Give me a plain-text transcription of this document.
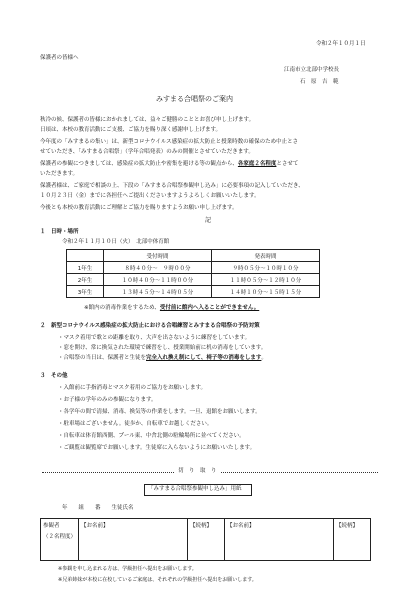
令和２年１０月１日
保護者の皆様へ
江南市立北部中学校長
石　原　吉　範
みすまる合唱祭のご案内
秋冷の候、保護者の皆様におかれましては、益々ご健勝のこととお喜び申し上げます。
日頃は、本校の教育活動にご支援、ご協力を賜り深く感謝申し上げます。
今年度の「みすまるの集い」は、新型コロナウイルス感染症の拡大防止と授業時数の確保のため中止とさ
せていただき、「みすまる合唱祭」（学年合唱発表）のみの開催とさせていただきます。
保護者の参観につきましては、感染症の拡大防止や密集を避ける等の観点から、各家庭２名程度とさせて
いただきます。
保護者様は、ご家庭で相談の上、下段の「みすまる合唱祭参観申し込み」に必要事項の記入していただき、
１０月２３日（金）までに各担任へご提出くださいますようよろしくお願いいたします。
今後とも本校の教育活動にご理解とご協力を賜りますようお願い申し上げます。
記
１　日時・場所
令和２年１１月１０日（火）　北部中体育館
	受付時間	発表時間
1年生	８時４０分～　９時００分	９時０５分～１０時１０分
2年生	１０時４０分～１１時００分	１１時０５分～１２時１０分
3年生	１３時４５分～１４時０５分	１４時１０分～１５時１５分
※館内の消毒作業をするため、受付前に館内へ入ることができません。
２　新型コロナウイルス感染症の拡大防止における合唱練習とみすまる合唱祭の予防対策
・マスク着用で歌との距離を取り、大声を出さないように練習をしています。
・窓を開け、常に換気された環境で練習をし、授業開始前に机の消毒をしています。
・合唱祭の当日は、保護者と生徒を完全入れ換え制にして、椅子等の消毒をします。
３　その他
・入館前に手指消毒とマスク着用のご協力をお願いします。
・お子様の学年のみの参観になります。
・各学年の間で清掃、消毒、換気等の作業をします。一旦、退館をお願いします。
・駐車場はございません。徒歩か、自転車でお越しください。
・自転車は体育館西側、プール東、中舎北側の駐輪場所に並べてください。
・ご観覧は観覧席でお願いします。生徒席に入らないようにお願いいたします。
切　り　取　り
「みすまる合唱祭参観申し込み」用紙
年　　組　　番　　生徒氏名
参観者
（２名程度）
	【お名前】	【続柄】	【お名前】	【続柄】
※参観を申し込まれる方は、学級担任へ提出をお願いします。
※兄弟姉妹が本校に在校しているご家庭は、それぞれの学級担任へ提出をお願いします。
